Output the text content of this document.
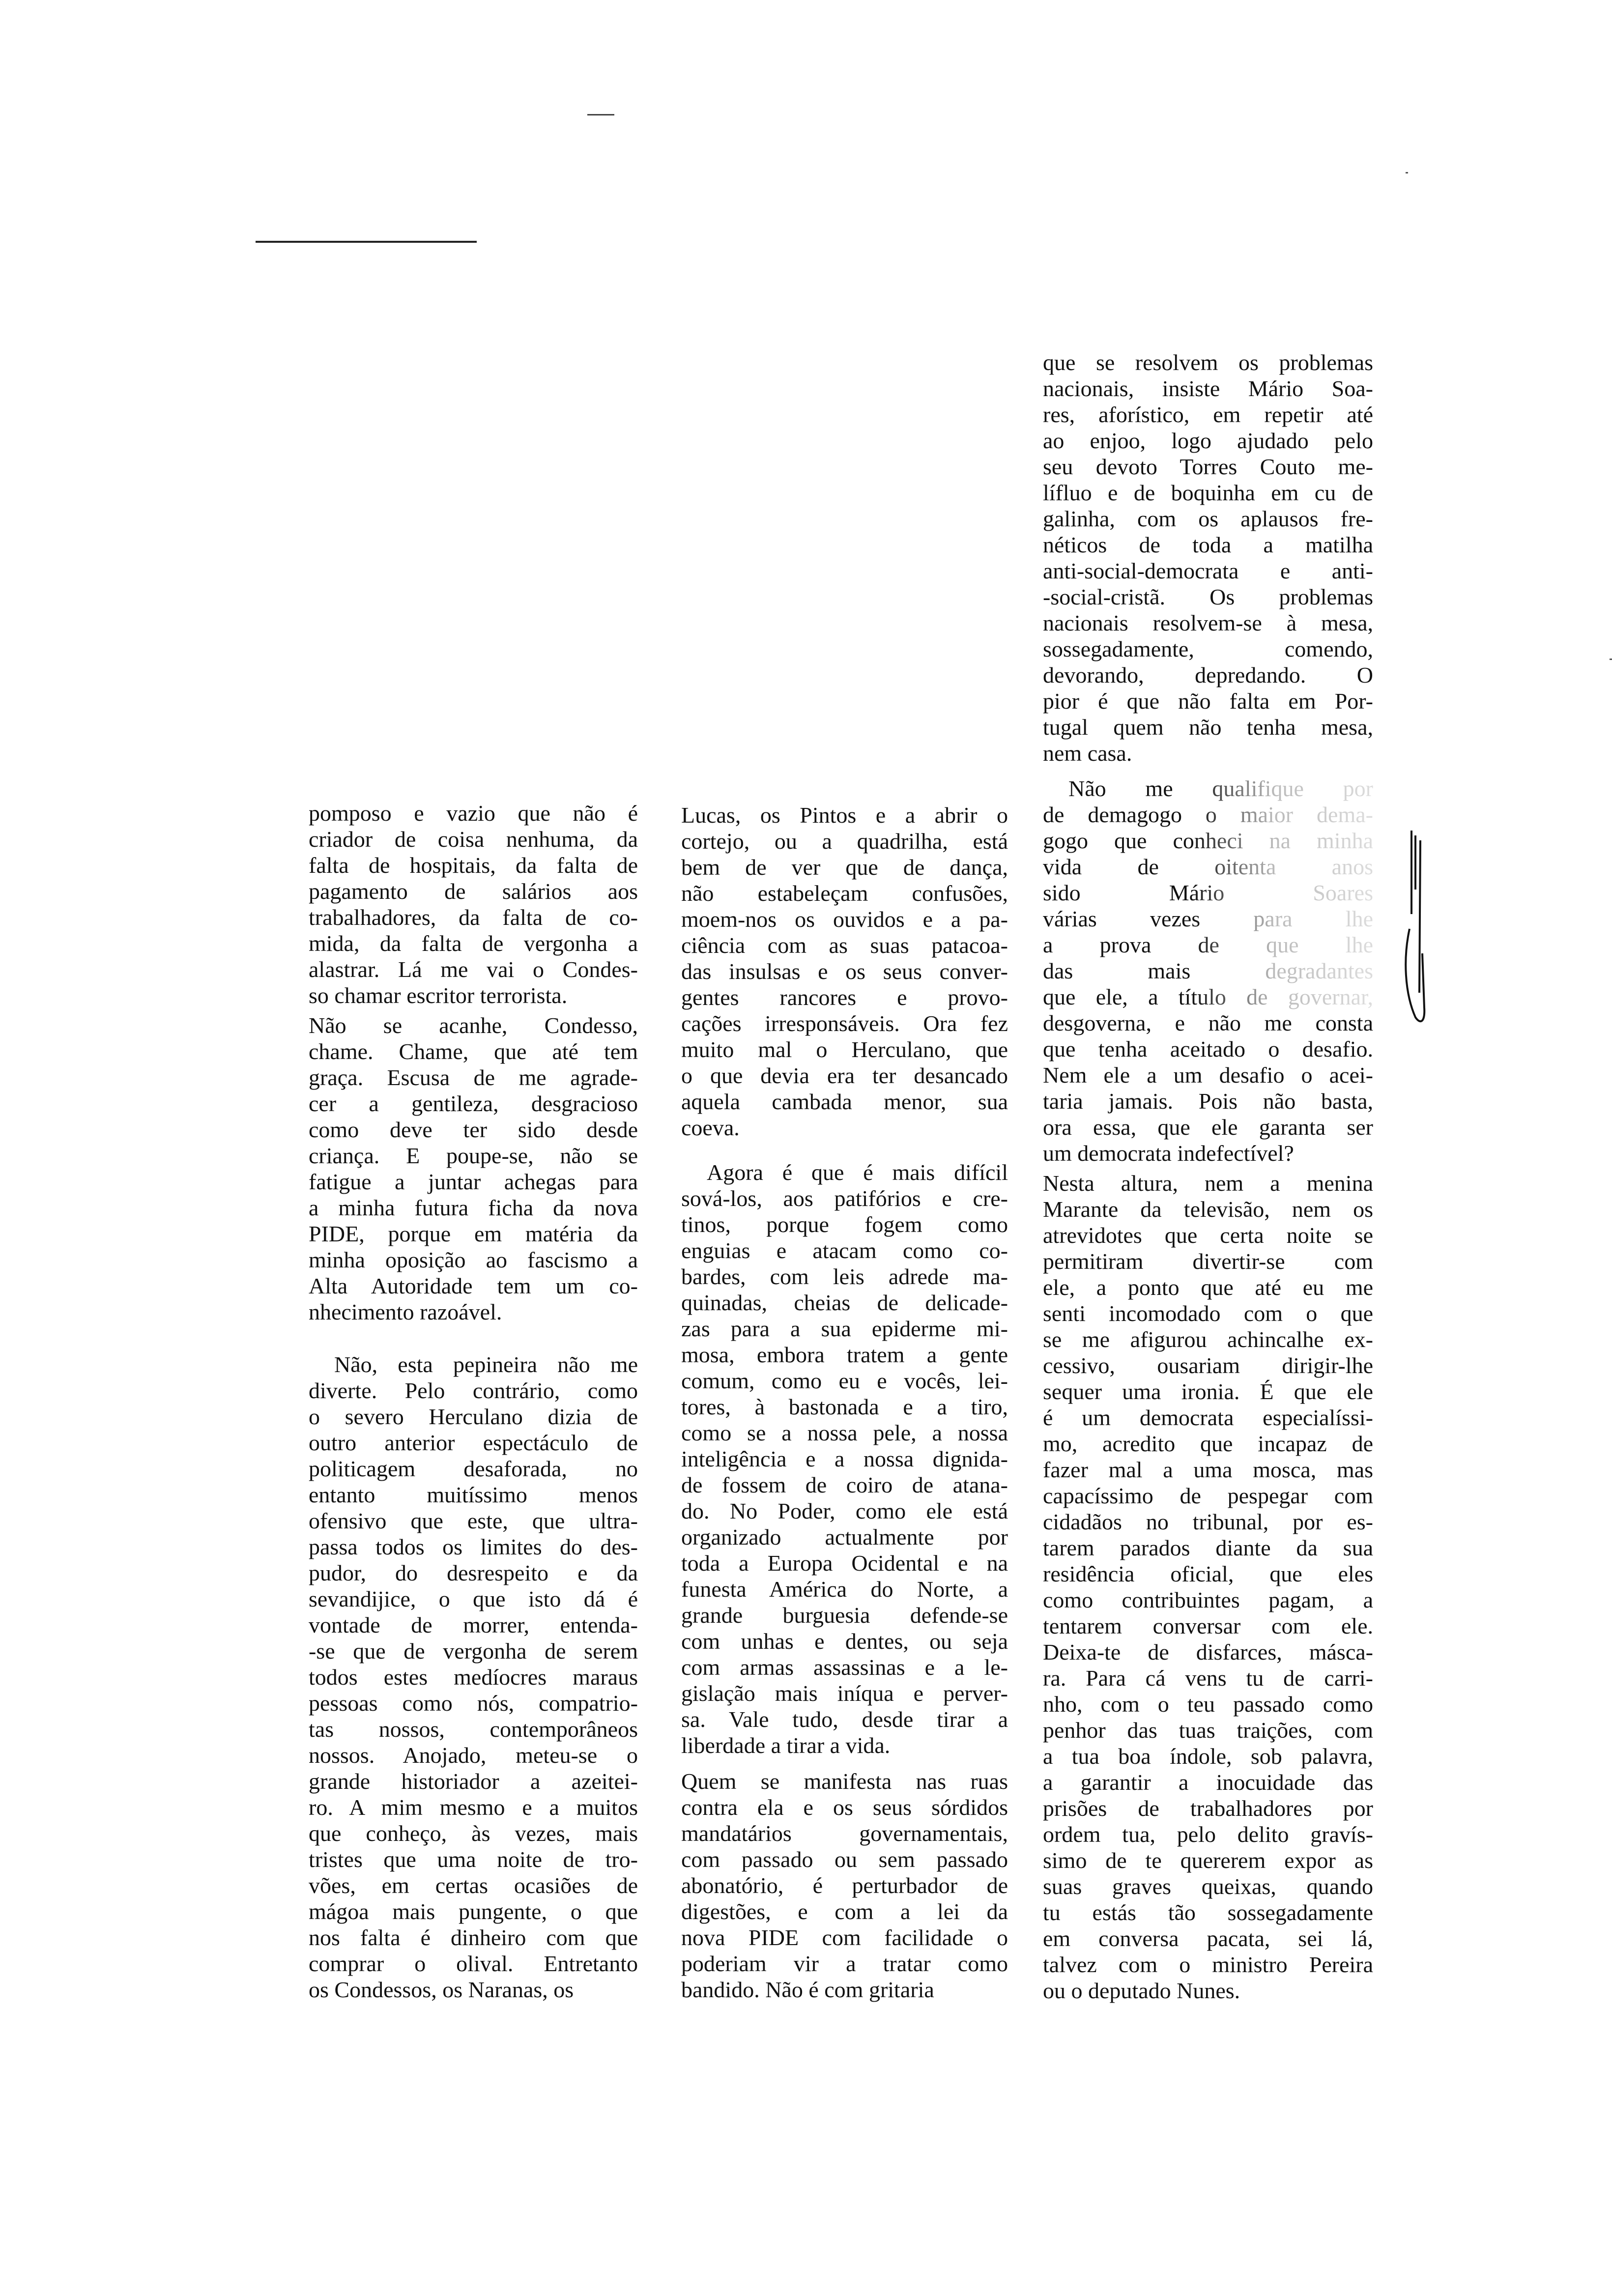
pomposo e vazio que não é
criador de coisa nenhuma, da
falta de hospitais, da falta de
pagamento de salários aos
trabalhadores, da falta de co-
mida, da falta de vergonha a
alastrar. Lá me vai o Condes-
so chamar escritor terrorista.
Não se acanhe, Condesso,
chame. Chame, que até tem
graça. Escusa de me agrade-
cer a gentileza, desgracioso
como deve ter sido desde
criança. E poupe-se, não se
fatigue a juntar achegas para
a minha futura ficha da nova
PIDE, porque em matéria da
minha oposição ao fascismo a
Alta Autoridade tem um co-
nhecimento razoável.
Não, esta pepineira não me
diverte. Pelo contrário, como
o severo Herculano dizia de
outro anterior espectáculo de
politicagem desaforada, no
entanto muitíssimo menos
ofensivo que este, que ultra-
passa todos os limites do des-
pudor, do desrespeito e da
sevandijice, o que isto dá é
vontade de morrer, entenda-
-se que de vergonha de serem
todos estes medíocres maraus
pessoas como nós, compatrio-
tas nossos, contemporâneos
nossos. Anojado, meteu-se o
grande historiador a azeitei-
ro. A mim mesmo e a muitos
que conheço, às vezes, mais
tristes que uma noite de tro-
vões, em certas ocasiões de
mágoa mais pungente, o que
nos falta é dinheiro com que
comprar o olival. Entretanto
os Condessos, os Naranas, os
Lucas, os Pintos e a abrir o
cortejo, ou a quadrilha, está
bem de ver que de dança,
não estabeleçam confusões,
moem-nos os ouvidos e a pa-
ciência com as suas patacoa-
das insulsas e os seus conver-
gentes rancores e provo-
cações irresponsáveis. Ora fez
muito mal o Herculano, que
o que devia era ter desancado
aquela cambada menor, sua
coeva.
Agora é que é mais difícil
sová-los, aos patifórios e cre-
tinos, porque fogem como
enguias e atacam como co-
bardes, com leis adrede ma-
quinadas, cheias de delicade-
zas para a sua epiderme mi-
mosa, embora tratem a gente
comum, como eu e vocês, lei-
tores, à bastonada e a tiro,
como se a nossa pele, a nossa
inteligência e a nossa dignida-
de fossem de coiro de atana-
do. No Poder, como ele está
organizado actualmente por
toda a Europa Ocidental e na
funesta América do Norte, a
grande burguesia defende-se
com unhas e dentes, ou seja
com armas assassinas e a le-
gislação mais iníqua e perver-
sa. Vale tudo, desde tirar a
liberdade a tirar a vida.
Quem se manifesta nas ruas
contra ela e os seus sórdidos
mandatários governamentais,
com passado ou sem passado
abonatório, é perturbador de
digestões, e com a lei da
nova PIDE com facilidade o
poderiam vir a tratar como
bandido. Não é com gritaria
que se resolvem os problemas
nacionais, insiste Mário Soa-
res, aforístico, em repetir até
ao enjoo, logo ajudado pelo
seu devoto Torres Couto me-
lífluo e de boquinha em cu de
galinha, com os aplausos fre-
néticos de toda a matilha
anti-social-democrata e anti-
-social-cristã. Os problemas
nacionais resolvem-se à mesa,
sossegadamente, comendo,
devorando, depredando. O
pior é que não falta em Por-
tugal quem não tenha mesa,
nem casa.
Não me qualifique por
de demagogo o maior dema-
gogo que conheci na minha
vida de oitenta anos
sido Mário Soares
várias vezes para lhe
a prova de que lhe
das mais degradantes
que ele, a título de governar,
desgoverna, e não me consta
que tenha aceitado o desafio.
Nem ele a um desafio o acei-
taria jamais. Pois não basta,
ora essa, que ele garanta ser
um democrata indefectível?
Nesta altura, nem a menina
Marante da televisão, nem os
atrevidotes que certa noite se
permitiram divertir-se com
ele, a ponto que até eu me
senti incomodado com o que
se me afigurou achincalhe ex-
cessivo, ousariam dirigir-lhe
sequer uma ironia. É que ele
é um democrata especialíssi-
mo, acredito que incapaz de
fazer mal a uma mosca, mas
capacíssimo de pespegar com
cidadãos no tribunal, por es-
tarem parados diante da sua
residência oficial, que eles
como contribuintes pagam, a
tentarem conversar com ele.
Deixa-te de disfarces, másca-
ra. Para cá vens tu de carri-
nho, com o teu passado como
penhor das tuas traições, com
a tua boa índole, sob palavra,
a garantir a inocuidade das
prisões de trabalhadores por
ordem tua, pelo delito gravís-
simo de te quererem expor as
suas graves queixas, quando
tu estás tão sossegadamente
em conversa pacata, sei lá,
talvez com o ministro Pereira
ou o deputado Nunes.
